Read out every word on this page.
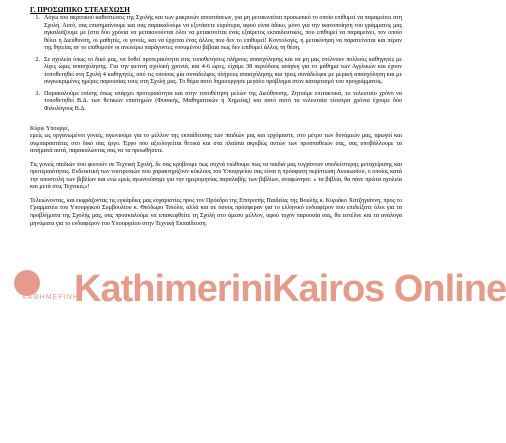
Γ. ΠΡΟΣΩΠΙΚΟ ΣΤΕΛΕΧΩΣΗ
1. Λόγω του ακριτικού καθεστώτος της Σχολής και των μακρινών αποστάσεων, για μη μετακινείται προσωπικό το οποίο επιθυμεί να παραμείνει στη Σχολή. Αυτό, σας επισημαίνουμε και σας παρακαλούμε να εξετάσετε ευρύτερα, αφού είναι άδικο, μόνο για την ικανοποίηση του γράμματος μας αγκαλιάζουμε με (στα δύο χρόνια να μετακινούνται όλοι να μετακινείται ένας εξαίρετος εκπαιδευτικός, που επιθυμεί να παραμείνει, τον οποίο θέλει η Διεύθυνση, οι μαθητές, οι γονείς, και να έρχεται ένας άλλος που δεν το επιθυμεί! Κοντολογίς, η μετακίνηση να παρατείνεται και πέραν της θητείας αν το επιθυμούν οι ανωτέρω παράγοντες νοουμένου βέβαια πως δεν επιθυμεί άλλος τη θέση.

2. Σε σχολεία όπως το δικό μας, να δοθεί προτεραιότητα στις τοποθετήσεις πλήρους απασχόλησης και να μη μας στέλνουν πολλούς καθηγητές με λίγες ώρες απασχόλησης. Για την φετινή σχολική χρονιά, και 4-6 ώρες, είχαμε 38 περιόδους ανάγκη για το μάθημα των Αγγλικών και έχουν τοποθετηθεί στη Σχολή 4 καθηγητές, από τις οποίους μία συνάδελφος πλήρους απασχόλησης και τρεις συνάδελφοι με μερική απασχόληση και με συγκεκριμένες ημέρες παρουσίας τους στη Σχολή μας. Το θέμα αυτό δημιουργησε μεγάλο πρόβλημα στον καταρτισμό του προγράμματος.

3. Παρακαλούμε επίσης όπως υπάρχει προτεραιότητα και στην τοποθέτηση μελών της Διεύθυνσης. Ζητούμε επιτακτικά, το τελευταίο χρόνο να τοποθετηθεί Β.Δ. των θετικών επιστημών (Φυσικής, Μαθηματικών ή Χημείας) και αυτό αυτό τα τελευταία τέσσερα χρόνια έχουμε δύο Φιλολόγους Β.Δ.

Κύριε Υπουργέ,

εμείς ως οργανωμένοι γονείς, αγωνιούμε για το μέλλον της εκπαίδευσης των παιδιών μας και ερχόμαστε, στο μέτρο των δυνάμεών μας, αρωγοί και συμπαραστάτες στο δικό σας έργο. Έργο που αξιολογείται θετικά και στα πλαίσια ακριβώς αυτών των προσπαθειών σας, σας υποβάλλουμε τα αιτήματά αυτά, παρακαλώντας σας να τα προωθήσετε.

Τις γονείς παιδιών που φοιτούν σε Τεχνική Σχολή, δε σας κρύβουμε πως συχνά νιώθουμε πως τα παιδιά μας τυγχάνουν υποδεέστερης μεταχείρισης και προτεραιότητας. Ενδεικτική των νοοτροπιών που χαρακτηρίζουν κύκλους του Υπουργείου σας είναι η πρόσφατη περίπτωση Λευκωσίου, ο οποίος κατά την αποστολή των βιβλίων και ενώ εμείς αγωνιούσαμε για την ημερομηνίας παραλαβής των βιβλίων, αναφώνησε: « τα βιβλία, θα πάνε πρώτα σχολεία και μετά στις Τεχνικές»!

Τελειώνοντας, και εκφράζοντας τις εγκάρδιες μας ευχαριστίες προς τον Πρόεδρο της Επιτροπής Παιδείας της Βουλής κ. Κυριάκο Χατζηγιάννη, προς το Γραμματέα του Υπουργικού Συμβουλίου κ. Θεόδωρο Τσιόλα, αλλά και σε όσους πρόσφεραν για το ελληνικό ενδιαφέρον που επιδείξατε όλοι για τα προβλήματα της Σχολής μας, σας προσκαλούμε να επισκεφθείτε τη Σχολή στο άμεσο μέλλον, αφού τυχόν παρουσία σας, θα εστέλνε και τα ανάλογα μηνύματα για το ενδιαφέρον του Υπουργείου στην Τεχνική Εκπαίδευση.

KathimeriniKairos Online
ΚΑΘΗΜΕΡΙΝΗ
